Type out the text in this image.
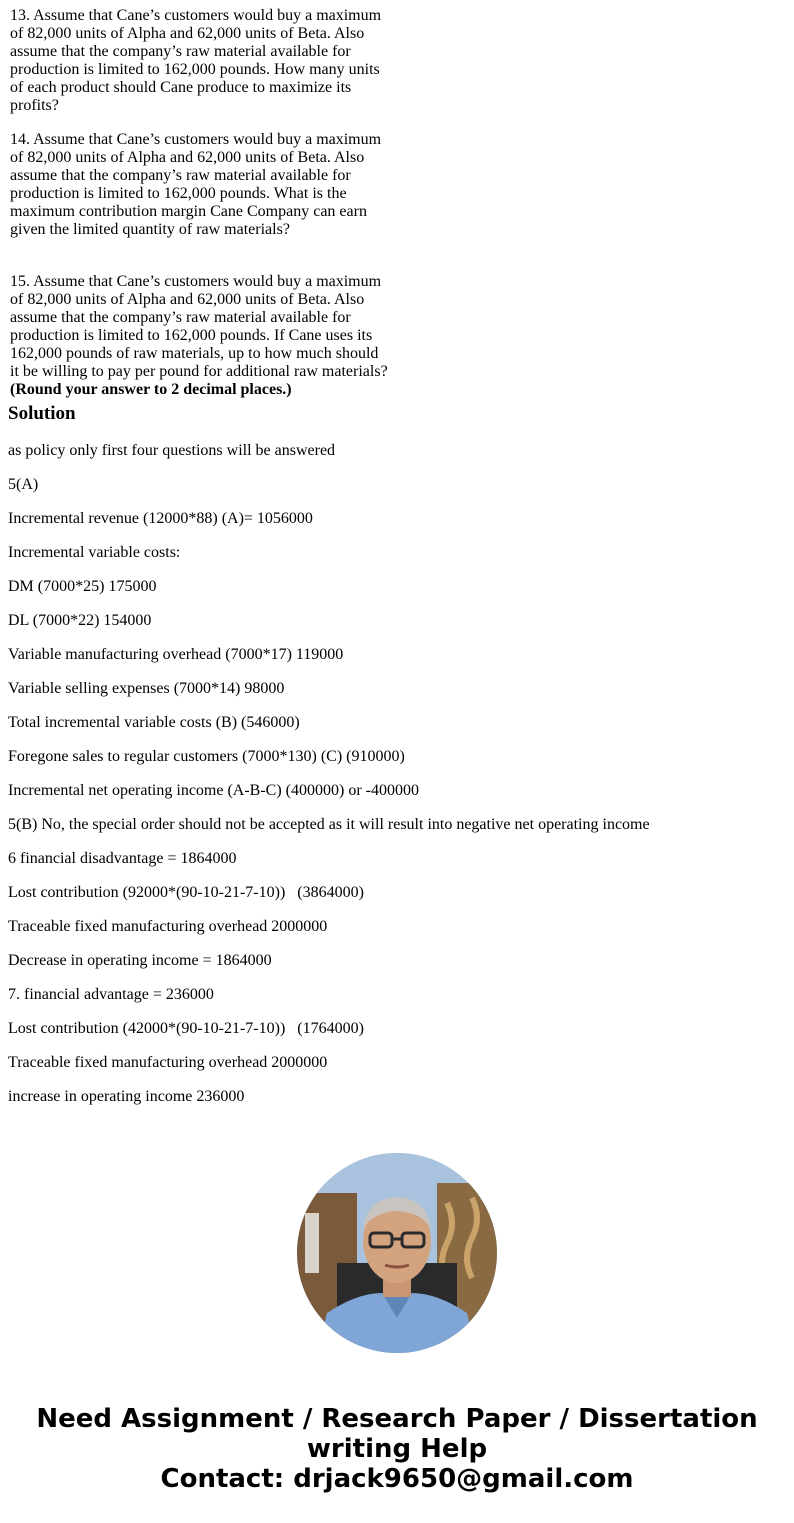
13. Assume that Cane’s customers would buy a maximum
of 82,000 units of Alpha and 62,000 units of Beta. Also
assume that the company’s raw material available for
production is limited to 162,000 pounds. How many units
of each product should Cane produce to maximize its
profits?

14. Assume that Cane’s customers would buy a maximum
of 82,000 units of Alpha and 62,000 units of Beta. Also
assume that the company’s raw material available for
production is limited to 162,000 pounds. What is the
maximum contribution margin Cane Company can earn
given the limited quantity of raw materials?

15. Assume that Cane’s customers would buy a maximum
of 82,000 units of Alpha and 62,000 units of Beta. Also
assume that the company’s raw material available for
production is limited to 162,000 pounds. If Cane uses its
162,000 pounds of raw materials, up to how much should
it be willing to pay per pound for additional raw materials?

(Round your answer to 2 decimal places.)

Solution

as policy only first four questions will be answered

5(A)

Incremental revenue (12000*88) (A)= 1056000

Incremental variable costs:

DM (7000*25) 175000

DL (7000*22) 154000

Variable manufacturing overhead (7000*17) 119000

Variable selling expenses (7000*14) 98000

Total incremental variable costs (B) (546000)

Foregone sales to regular customers (7000*130) (C) (910000)

Incremental net operating income (A-B-C) (400000) or -400000

5(B) No, the special order should not be accepted as it will result into negative net operating income

6 financial disadvantage = 1864000

Lost contribution (92000*(90-10-21-7-10))   (3864000)

Traceable fixed manufacturing overhead 2000000

Decrease in operating income = 1864000

7. financial advantage = 236000

Lost contribution (42000*(90-10-21-7-10))   (1764000)

Traceable fixed manufacturing overhead 2000000

increase in operating income 236000

Need Assignment / Research Paper / Dissertation
writing Help
Contact: drjack9650@gmail.com
